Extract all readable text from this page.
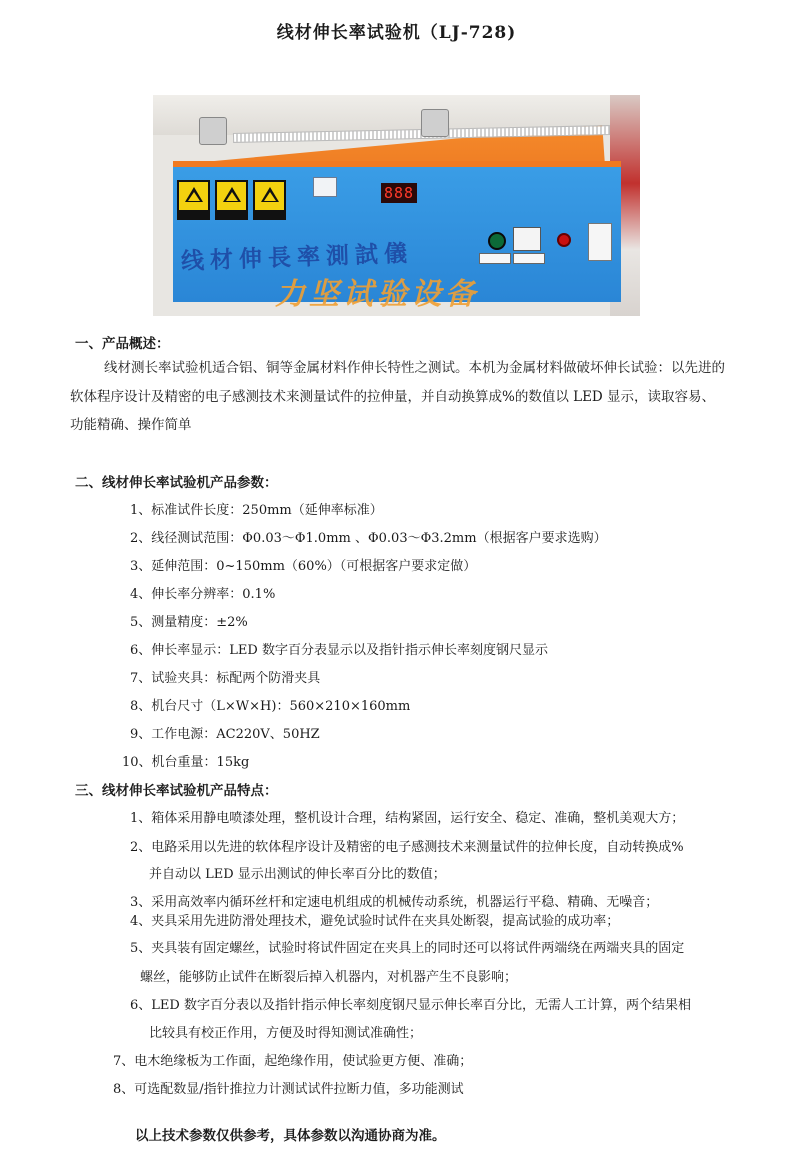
线材伸长率试验机（LJ-728)
888
线材伸長率測試儀
力坚试验设备
一、产品概述：
线材测长率试验机适合铝、铜等金属材料作伸长特性之测试。本机为金属材料做破坏伸长试验：以先进的软体程序设计及精密的电子感测技术来测量试件的拉伸量，并自动换算成%的数值以 LED 显示，读取容易、功能精确、操作简单
二、线材伸长率试验机产品参数：
1、标准试件长度：250mm（延伸率标准）
2、线径测试范围：Φ0.03～Φ1.0mm 、Φ0.03～Φ3.2mm（根据客户要求选购）
3、延伸范围：0~150mm（60%）（可根据客户要求定做）
4、伸长率分辨率：0.1%
5、测量精度：±2%
6、伸长率显示：LED 数字百分表显示以及指针指示伸长率刻度钢尺显示
7、试验夹具：标配两个防滑夹具
8、机台尺寸（L×W×H)：560×210×160mm
9、工作电源：AC220V、50HZ
10、机台重量：15kg
三、线材伸长率试验机产品特点：
1、箱体采用静电喷漆处理，整机设计合理，结构紧固，运行安全、稳定、准确，整机美观大方；
2、电路采用以先进的软体程序设计及精密的电子感测技术来测量试件的拉伸长度，自动转换成%
并自动以 LED 显示出测试的伸长率百分比的数值；
3、采用高效率内循环丝杆和定速电机组成的机械传动系统，机器运行平稳、精确、无噪音；
4、夹具采用先进防滑处理技术，避免试验时试件在夹具处断裂，提高试验的成功率；
5、夹具装有固定螺丝，试验时将试件固定在夹具上的同时还可以将试件两端绕在两端夹具的固定
螺丝，能够防止试件在断裂后掉入机器内，对机器产生不良影响；
6、LED 数字百分表以及指针指示伸长率刻度钢尺显示伸长率百分比，无需人工计算，两个结果相
比较具有校正作用，方便及时得知测试准确性；
7、电木绝缘板为工作面，起绝缘作用，使试验更方便、准确；
8、可选配数显/指针推拉力计测试试件拉断力值，多功能测试
以上技术参数仅供参考，具体参数以沟通协商为准。
